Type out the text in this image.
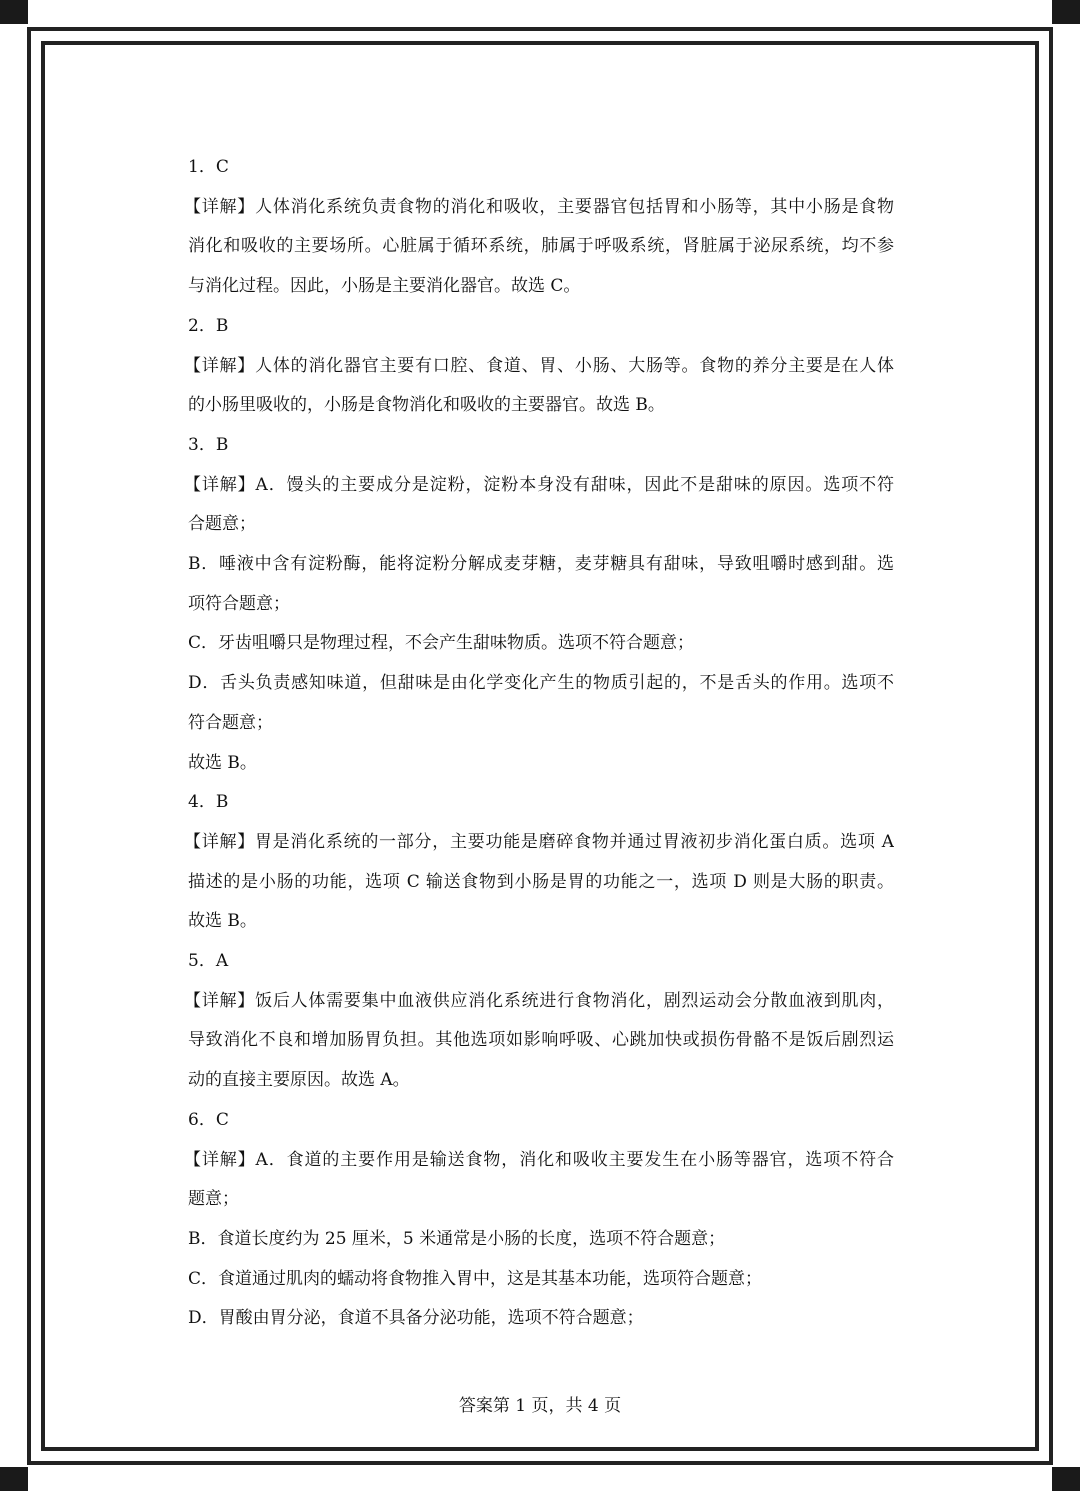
1．C
【详解】人体消化系统负责食物的消化和吸收，主要器官包括胃和小肠等，其中小肠是食物
消化和吸收的主要场所。心脏属于循环系统，肺属于呼吸系统，肾脏属于泌尿系统，均不参
与消化过程。因此，小肠是主要消化器官。故选 C。
2．B
【详解】人体的消化器官主要有口腔、食道、胃、小肠、大肠等。食物的养分主要是在人体
的小肠里吸收的，小肠是食物消化和吸收的主要器官。故选 B。
3．B
【详解】A．馒头的主要成分是淀粉，淀粉本身没有甜味，因此不是甜味的原因。选项不符
合题意；
B．唾液中含有淀粉酶，能将淀粉分解成麦芽糖，麦芽糖具有甜味，导致咀嚼时感到甜。选
项符合题意；
C．牙齿咀嚼只是物理过程，不会产生甜味物质。选项不符合题意；
D．舌头负责感知味道，但甜味是由化学变化产生的物质引起的，不是舌头的作用。选项不
符合题意；
故选 B。
4．B
【详解】胃是消化系统的一部分，主要功能是磨碎食物并通过胃液初步消化蛋白质。选项 A
描述的是小肠的功能，选项 C 输送食物到小肠是胃的功能之一，选项 D 则是大肠的职责。
故选 B。
5．A
【详解】饭后人体需要集中血液供应消化系统进行食物消化，剧烈运动会分散血液到肌肉，
导致消化不良和增加肠胃负担。其他选项如影响呼吸、心跳加快或损伤骨骼不是饭后剧烈运
动的直接主要原因。故选 A。
6．C
【详解】A．食道的主要作用是输送食物，消化和吸收主要发生在小肠等器官，选项不符合
题意；
B．食道长度约为 25 厘米，5 米通常是小肠的长度，选项不符合题意；
C．食道通过肌肉的蠕动将食物推入胃中，这是其基本功能，选项符合题意；
D．胃酸由胃分泌，食道不具备分泌功能，选项不符合题意；
答案第 1 页，共 4 页
